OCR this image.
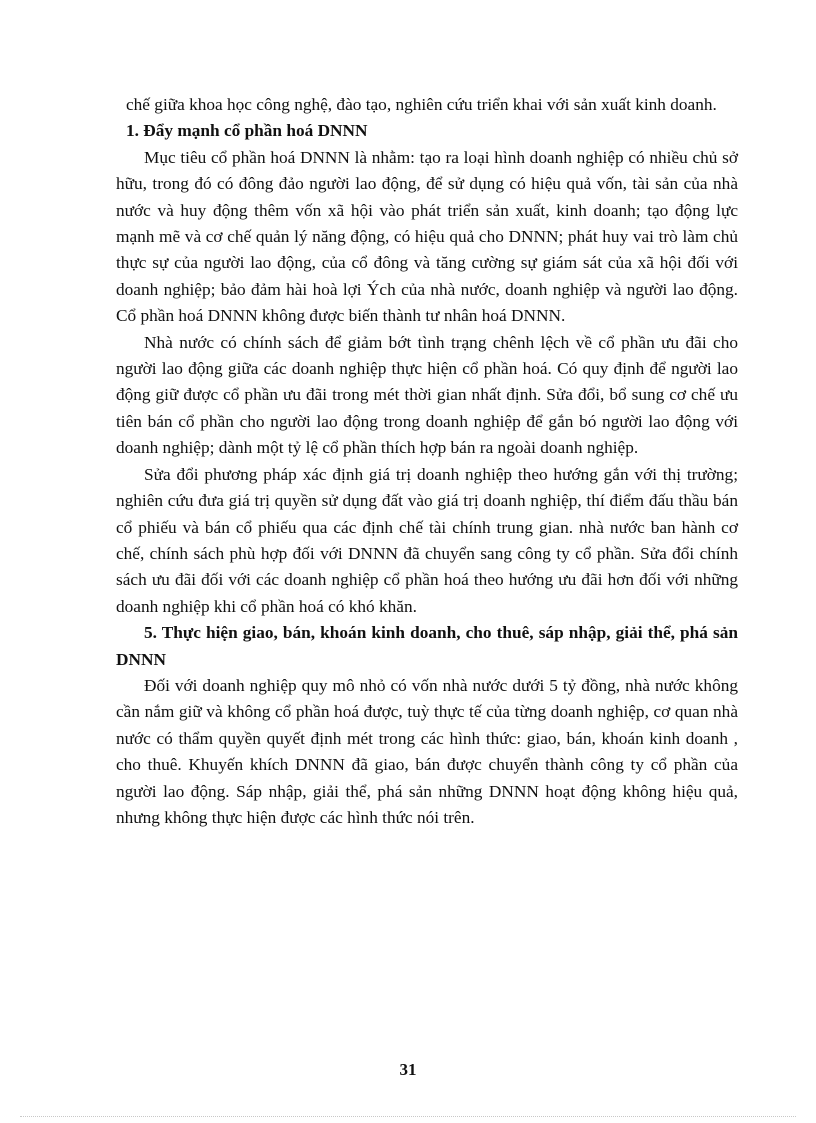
chế giữa khoa học công nghệ, đào tạo, nghiên cứu triển khai với sản xuất kinh doanh.

1. Đẩy mạnh cổ phần hoá DNNN

Mục tiêu cổ phần hoá DNNN là nhằm: tạo ra loại hình doanh nghiệp có nhiều chủ sở hữu, trong đó có đông đảo người lao động, để sử dụng có hiệu quả vốn, tài sản của nhà nước và huy động thêm vốn xã hội vào phát triển sản xuất, kinh doanh; tạo động lực mạnh mẽ và cơ chế quản lý năng động, có hiệu quả cho DNNN; phát huy vai trò làm chủ thực sự của người lao động, của cổ đông và tăng cường sự giám sát của xã hội đối với doanh nghiệp; bảo đảm hài hoà lợi Ých của nhà nước, doanh nghiệp và người lao động. Cổ phần hoá DNNN không được biến thành tư nhân hoá DNNN.

Nhà nước có chính sách để giảm bớt tình trạng chênh lệch về cổ phần ưu đãi cho người lao động giữa các doanh nghiệp thực hiện cổ phần hoá. Có quy định để người lao động giữ được cổ phần ưu đãi trong mét thời gian nhất định. Sửa đổi, bổ sung cơ chế ưu tiên bán cổ phần cho người lao động trong doanh nghiệp để gắn bó người lao động với doanh nghiệp; dành một tỷ lệ cổ phần thích hợp bán ra ngoài doanh nghiệp.

Sửa đổi phương pháp xác định giá trị doanh nghiệp theo hướng gắn với thị trường; nghiên cứu đưa giá trị quyền sử dụng đất vào giá trị doanh nghiệp, thí điểm đấu thầu bán cổ phiếu và bán cổ phiếu qua các định chế tài chính trung gian. nhà nước ban hành cơ chế, chính sách phù hợp đối với DNNN đã chuyển sang công ty cổ phần. Sửa đổi chính sách ưu đãi đối với các doanh nghiệp cổ phần hoá theo hướng ưu đãi hơn đối với những doanh nghiệp khi cổ phần hoá có khó khăn.

5. Thực hiện giao, bán, khoán kinh doanh, cho thuê, sáp nhập, giải thể, phá sản DNNN

Đối với doanh nghiệp quy mô nhỏ có vốn nhà nước dưới 5 tỷ đồng, nhà nước không cần nắm giữ và không cổ phần hoá được, tuỳ thực tế của từng doanh nghiệp, cơ quan nhà nước có thẩm quyền quyết định mét trong các hình thức: giao, bán, khoán kinh doanh , cho thuê. Khuyến khích DNNN đã giao, bán được chuyển thành công ty cổ phần của người lao động. Sáp nhập, giải thể, phá sản những DNNN hoạt động không hiệu quả, nhưng không thực hiện được các hình thức nói trên.

31
